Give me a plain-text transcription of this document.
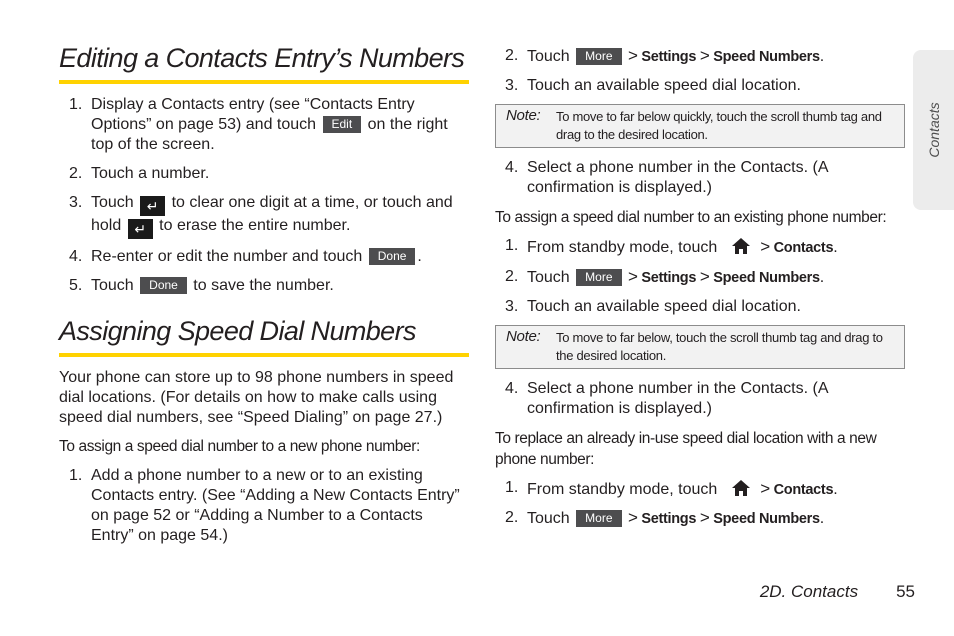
Editing a Contacts Entry’s Numbers
1. Display a Contacts entry (see “Contacts Entry Options” on page 53) and touch Edit on the right top of the screen.
2. Touch a number.
3. Touch ↵ to clear one digit at a time, or touch and hold ↵ to erase the entire number.
4. Re-enter or edit the number and touch Done .
5. Touch Done to save the number.
Assigning Speed Dial Numbers
Your phone can store up to 98 phone numbers in speed dial locations. (For details on how to make calls using speed dial numbers, see “Speed Dialing” on page 27.)
To assign a speed dial number to a new phone number:
1. Add a phone number to a new or to an existing Contacts entry. (See “Adding a New Contacts Entry” on page 52 or “Adding a Number to a Contacts Entry” on page 54.)
2. Touch More > Settings > Speed Numbers.
3. Touch an available speed dial location.
Note: To move to far below quickly, touch the scroll thumb tag and drag to the desired location.
4. Select a phone number in the Contacts. (A confirmation is displayed.)
To assign a speed dial number to an existing phone number:
1. From standby mode, touch	> Contacts.
2. Touch More > Settings > Speed Numbers.
3. Touch an available speed dial location.
Note: To move to far below, touch the scroll thumb tag and drag to the desired location.
4. Select a phone number in the Contacts. (A confirmation is displayed.)
To replace an already in-use speed dial location with a new phone number:
1. From standby mode, touch	> Contacts.
2. Touch More > Settings > Speed Numbers.
Contacts
2D. Contacts 55
